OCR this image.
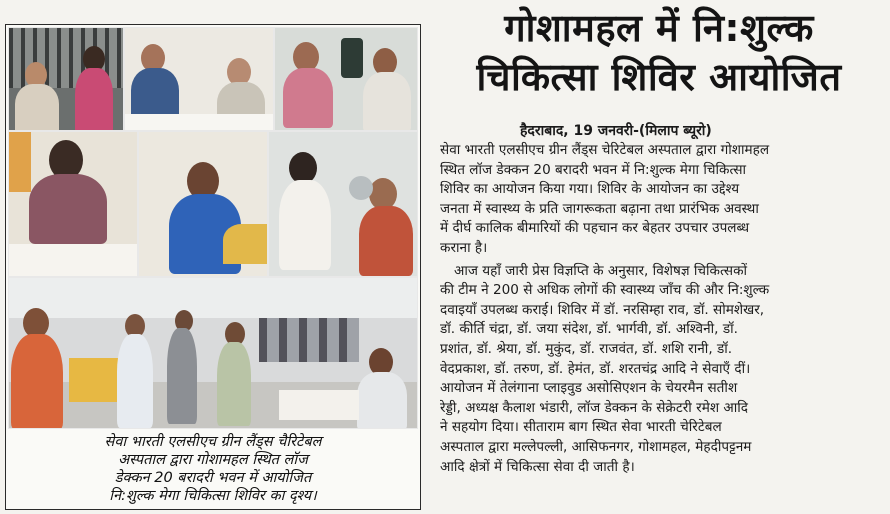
सेवा भारती एलसीएच ग्रीन लैंड्स चैरिटेबल
अस्पताल द्वारा गोशामहल स्थित लॉज
डेक्कन 20 बरादरी भवन में आयोजित
नि:शुल्क मेगा चिकित्सा शिविर का दृश्य।
गोशामहल में नि:शुल्क
चिकित्सा शिविर आयोजित
हैदराबाद, 19 जनवरी-(मिलाप ब्यूरो)
सेवा भारती एलसीएच ग्रीन लैंड्स चेरिटेबल अस्पताल द्वारा गोशामहल
स्थित लॉज डेक्कन 20 बरादरी भवन में नि:शुल्क मेगा चिकित्सा
शिविर का आयोजन किया गया। शिविर के आयोजन का उद्देश्य
जनता में स्वास्थ्य के प्रति जागरूकता बढ़ाना तथा प्रारंभिक अवस्था
में दीर्घ कालिक बीमारियों की पहचान कर बेहतर उपचार उपलब्ध
कराना है।
आज यहाँ जारी प्रेस विज्ञप्ति के अनुसार, विशेषज्ञ चिकित्सकों
की टीम ने 200 से अधिक लोगों की स्वास्थ्य जाँच की और नि:शुल्क
दवाइयाँ उपलब्ध कराई। शिविर में डॉ. नरसिम्हा राव, डॉ. सोमशेखर,
डॉ. कीर्ति चंद्रा, डॉ. जया संदेश, डॉ. भार्गवी, डॉ. अश्विनी, डॉ.
प्रशांत, डॉ. श्रेया, डॉ. मुकुंद, डॉ. राजवंत, डॉ. शशि रानी, डॉ.
वेदप्रकाश, डॉ. तरुण, डॉ. हेमंत, डॉ. शरतचंद्र आदि ने सेवाएँ दीं।
आयोजन में तेलंगाना प्लाइवुड असोसिएशन के चेयरमैन सतीश
रेड्डी, अध्यक्ष कैलाश भंडारी, लॉज डेक्कन के सेक्रेटरी रमेश आदि
ने सहयोग दिया। सीताराम बाग स्थित सेवा भारती चेरिटेबल
अस्पताल द्वारा मल्लेपल्ली, आसिफनगर, गोशामहल, मेहदीपट्टनम
आदि क्षेत्रों में चिकित्सा सेवा दी जाती है।
